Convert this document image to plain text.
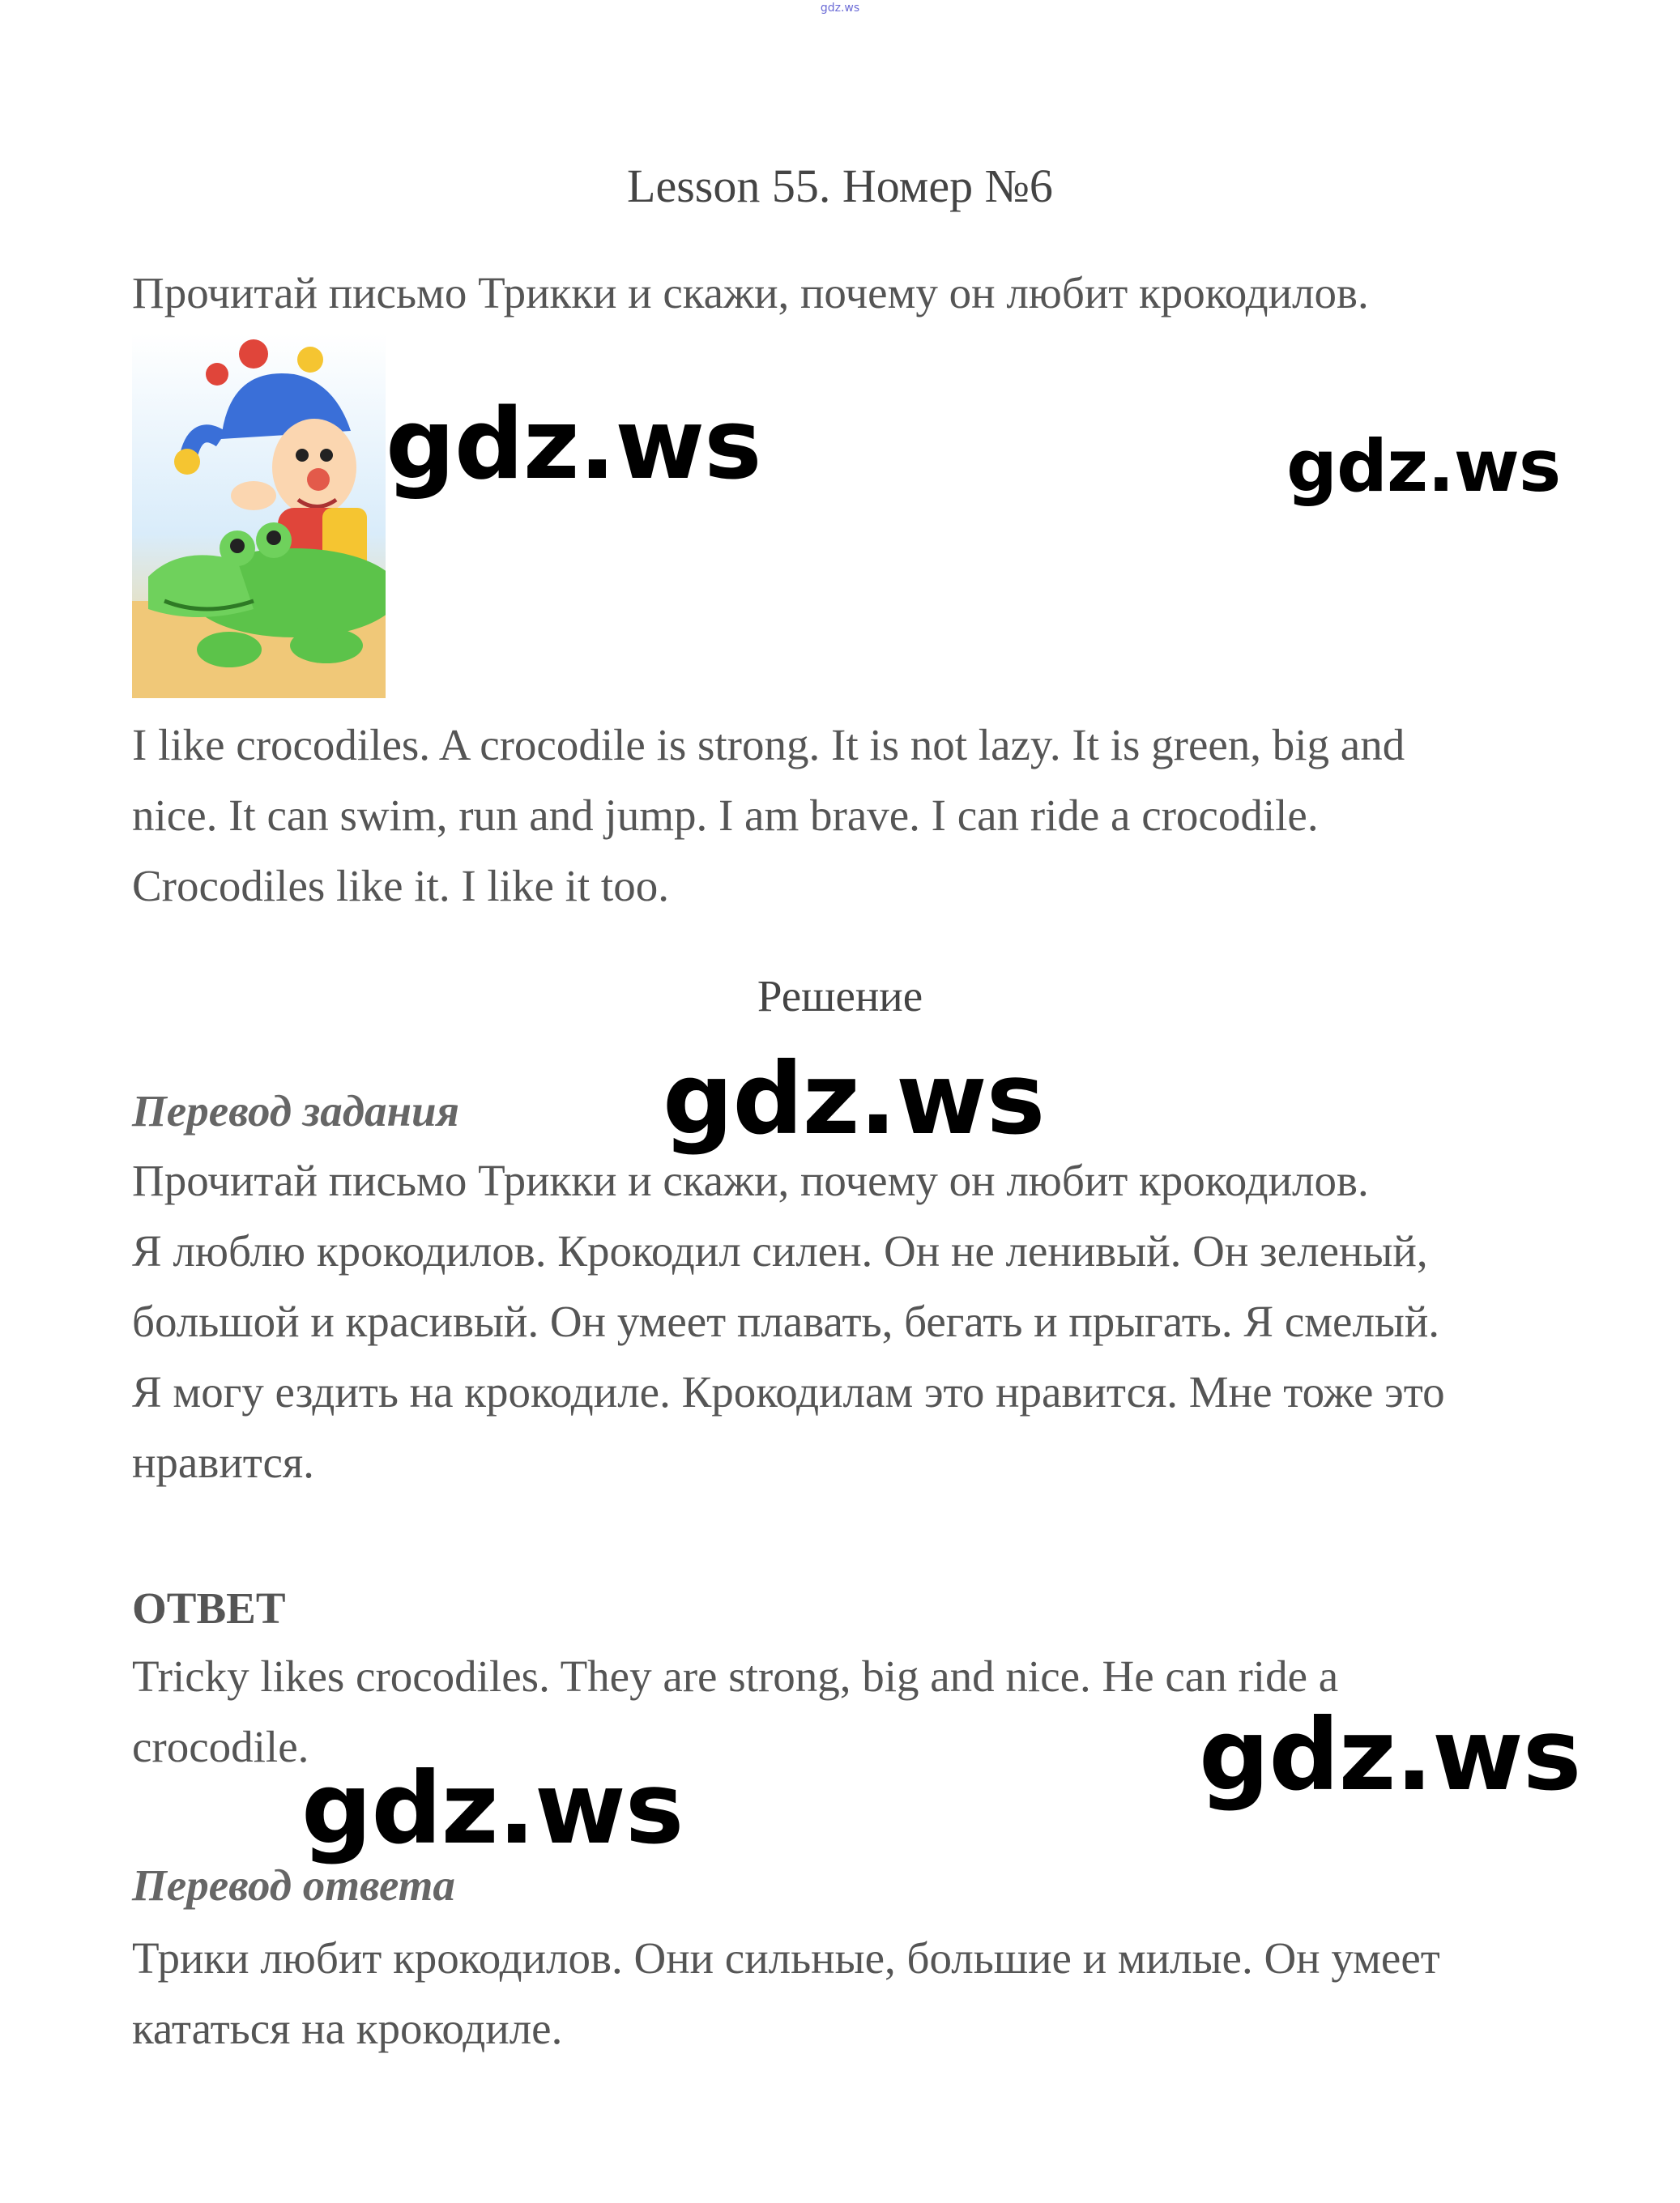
gdz.ws
Lesson 55. Номер №6
Прочитай письмо Трикки и скажи, почему он любит крокодилов.
gdz.ws	gdz.ws
I like crocodiles. A crocodile is strong. It is not lazy. It is green, big and
nice. It can swim, run and jump. I am brave. I can ride a crocodile.
Crocodiles like it. I like it too.
Решение
Перевод задания gdz.ws
Прочитай письмо Трикки и скажи, почему он любит крокодилов.
Я люблю крокодилов. Крокодил силен. Он не ленивый. Он зеленый,
большой и красивый. Он умеет плавать, бегать и прыгать. Я смелый.
Я могу ездить на крокодиле. Крокодилам это нравится. Мне тоже это
нравится.
ОТВЕТ
Tricky likes crocodiles. They are strong, big and nice. He can ride a
crocodile.	gdz.ws
gdz.ws
Перевод ответа
Трики любит крокодилов. Они сильные, большие и милые. Он умеет
кататься на крокодиле.
